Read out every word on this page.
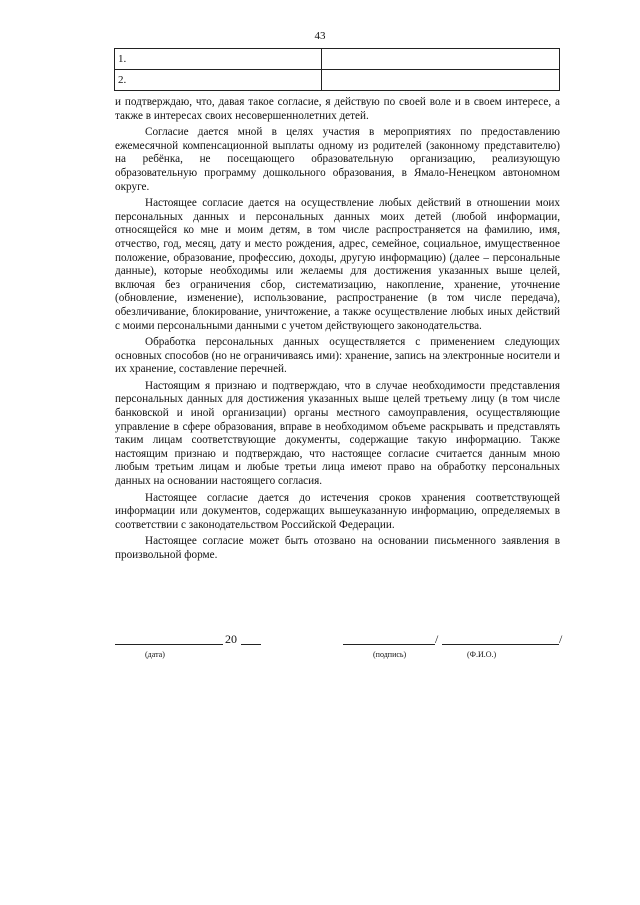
43
1.	
2.	

и подтверждаю, что, давая такое согласие, я действую по своей воле и в своем интересе, а также в интересах своих несовершеннолетних детей.

Согласие дается мной в целях участия в мероприятиях по предоставлению ежемесячной компенсационной выплаты одному из родителей (законному представителю) на ребёнка, не посещающего образовательную организацию, реализующую образовательную программу дошкольного образования, в Ямало-Ненецком автономном округе.

Настоящее согласие дается на осуществление любых действий в отношении моих персональных данных и персональных данных моих детей (любой информации, относящейся ко мне и моим детям, в том числе распространяется на фамилию, имя, отчество, год, месяц, дату и место рождения, адрес, семейное, социальное, имущественное положение, образование, профессию, доходы, другую информацию) (далее – персональные данные), которые необходимы или желаемы для достижения указанных выше целей, включая без ограничения сбор, систематизацию, накопление, хранение, уточнение (обновление, изменение), использование, распространение (в том числе передача), обезличивание, блокирование, уничтожение, а также осуществление любых иных действий с моими персональными данными с учетом действующего законодательства.

Обработка персональных данных осуществляется с применением следующих основных способов (но не ограничиваясь ими): хранение, запись на электронные носители и их хранение, составление перечней.

Настоящим я признаю и подтверждаю, что в случае необходимости представления персональных данных для достижения указанных выше целей третьему лицу (в том числе банковской и иной организации) органы местного самоуправления, осуществляющие управление в сфере образования, вправе в необходимом объеме раскрывать и представлять таким лицам соответствующие документы, содержащие такую информацию. Также настоящим признаю и подтверждаю, что настоящее согласие считается данным мною любым третьим лицам и любые третьи лица имеют право на обработку персональных данных на основании настоящего согласия.

Настоящее согласие дается до истечения сроков хранения соответствующей информации или документов, содержащих вышеуказанную информацию, определяемых в соответствии с законодательством Российской Федерации.

Настоящее согласие может быть отозвано на основании письменного заявления в произвольной форме.

20
(дата)
/	/
(подпись)	(Ф.И.О.)
